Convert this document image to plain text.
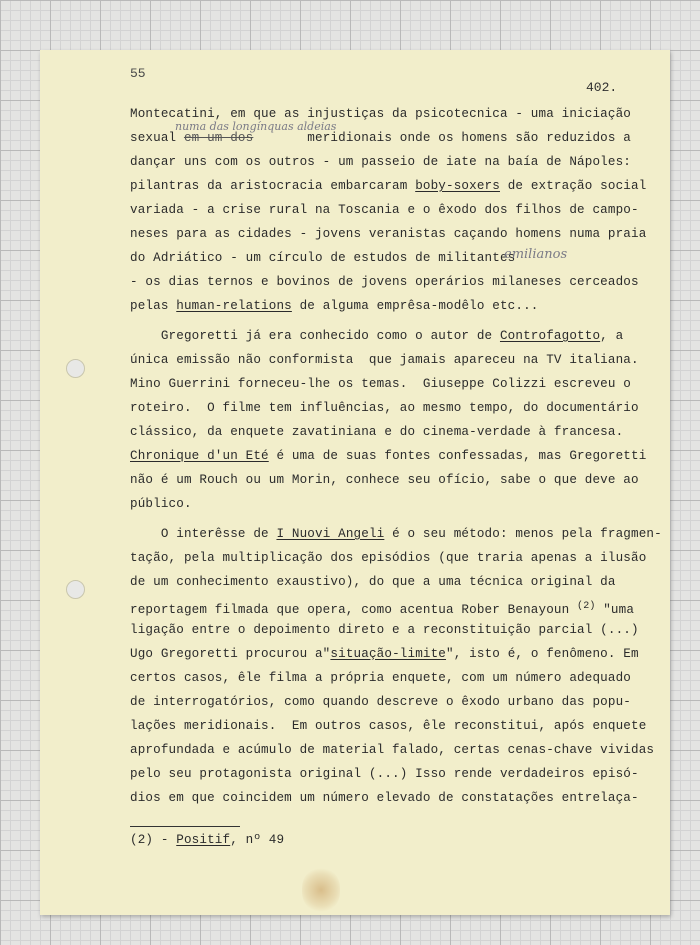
55
402.
Montecatini, em que as injustiças da psicotecnica - uma iniciação
numa das longínquas aldeias
sexual em um dos	meridionais onde os homens são reduzidos a
dançar uns com os outros - um passeio de iate na baía de Nápoles:
pilantras da aristocracia embarcaram boby-soxers de extração social
variada - a crise rural na Toscania e o êxodo dos filhos de campo-
neses para as cidades - jovens veranistas caçando homens numa praia
do Adriático - um círculo de estudos de militantes
emilianos
- os dias ternos e bovinos de jovens operários milaneses cerceados
pelas human-relations de alguma emprêsa-modêlo etc...
Gregoretti já era conhecido como o autor de Controfagotto, a
única emissão não conformista  que jamais apareceu na TV italiana.
Mino Guerrini forneceu-lhe os temas.  Giuseppe Colizzi escreveu o
roteiro.  O filme tem influências, ao mesmo tempo, do documentário
clássico, da enquete zavatiniana e do cinema-verdade à francesa.
Chronique d'un Eté é uma de suas fontes confessadas, mas Gregoretti
não é um Rouch ou um Morin, conhece seu ofício, sabe o que deve ao
público.
O interêsse de I Nuovi Angeli é o seu método: menos pela fragmen-
tação, pela multiplicação dos episódios (que traria apenas a ilusão
de um conhecimento exaustivo), do que a uma técnica original da
reportagem filmada que opera, como acentua Rober Benayoun $^{(2)}$ "uma
ligação entre o depoimento direto e a reconstituição parcial (...)
Ugo Gregoretti procurou a"situação-limite", isto é, o fenômeno. Em
certos casos, êle filma a própria enquete, com um número adequado
de interrogatórios, como quando descreve o êxodo urbano das popu-
lações meridionais.  Em outros casos, êle reconstitui, após enquete
aprofundada e acúmulo de material falado, certas cenas-chave vividas
pelo seu protagonista original (...) Isso rende verdadeiros episó-
dios em que coincidem um número elevado de constatações entrelaça-
(2) - Positif, nº 49
